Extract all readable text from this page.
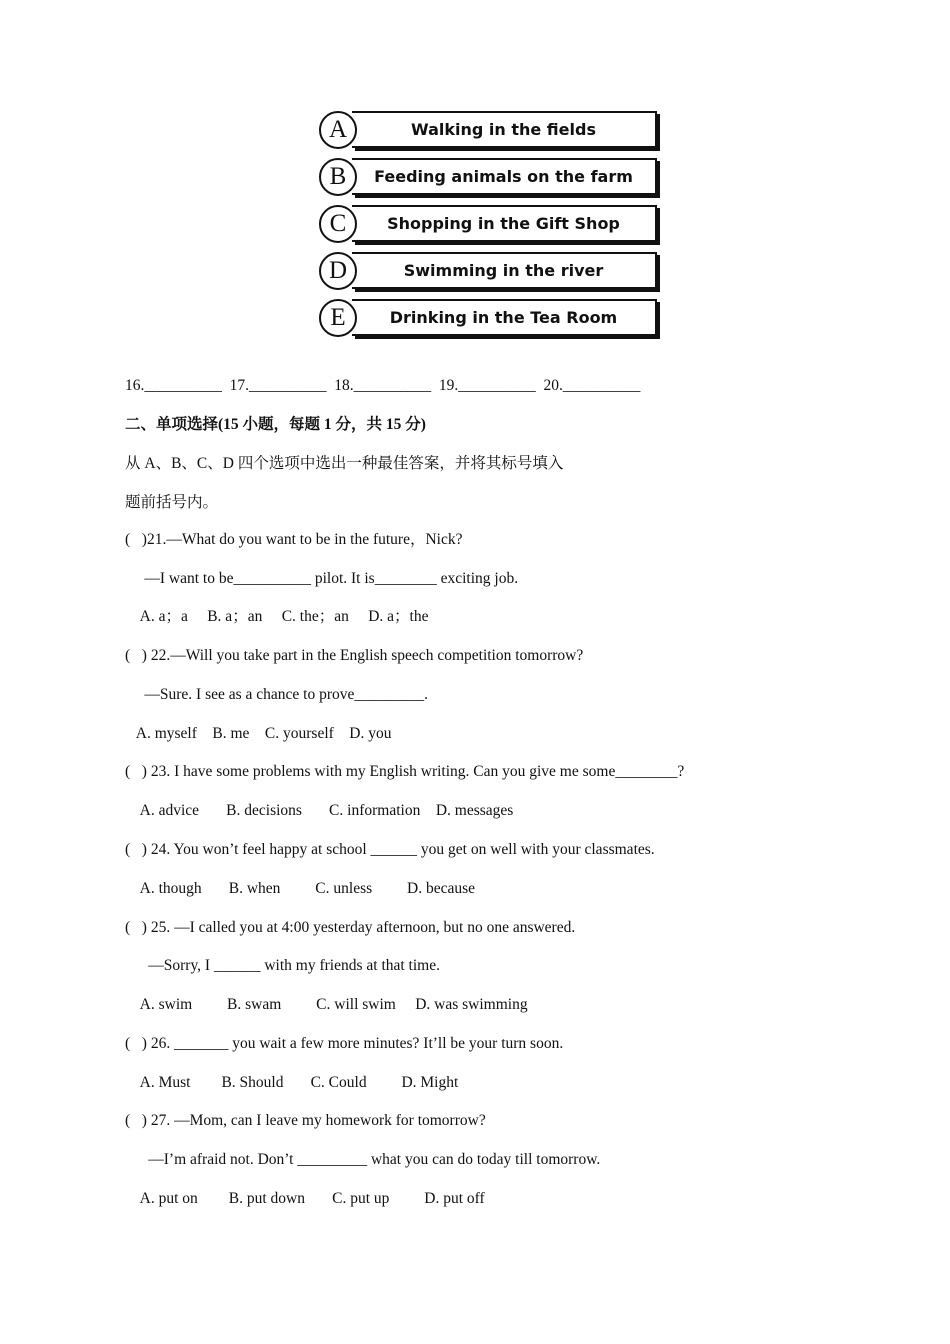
A	Walking in the fields
B	Feeding animals on the farm
C	Shopping in the Gift Shop
D	Swimming in the river
E	Drinking in the Tea Room
16.__________  17.__________  18.__________  19.__________  20.__________
二、单项选择(15 小题，每题 1 分，共 15 分)
从 A、B、C、D 四个选项中选出一种最佳答案，并将其标号填入
题前括号内。
(   )21.—What do you want to be in the future，Nick?
—I want to be__________ pilot. It is________ exciting job.
A. a；a     B. a；an     C. the；an     D. a；the
(   ) 22.—Will you take part in the English speech competition tomorrow?
—Sure. I see as a chance to prove_________.
A. myself    B. me    C. yourself    D. you
(   ) 23. I have some problems with my English writing. Can you give me some________?
A. advice       B. decisions       C. information    D. messages
(   ) 24. You won’t feel happy at school ______ you get on well with your classmates.
A. though       B. when         C. unless         D. because
(   ) 25. —I called you at 4:00 yesterday afternoon, but no one answered.
—Sorry, I ______ with my friends at that time.
A. swim         B. swam         C. will swim     D. was swimming
(   ) 26. _______ you wait a few more minutes? It’ll be your turn soon.
A. Must        B. Should       C. Could         D. Might
(   ) 27. —Mom, can I leave my homework for tomorrow?
—I’m afraid not. Don’t _________ what you can do today till tomorrow.
A. put on        B. put down       C. put up         D. put off
